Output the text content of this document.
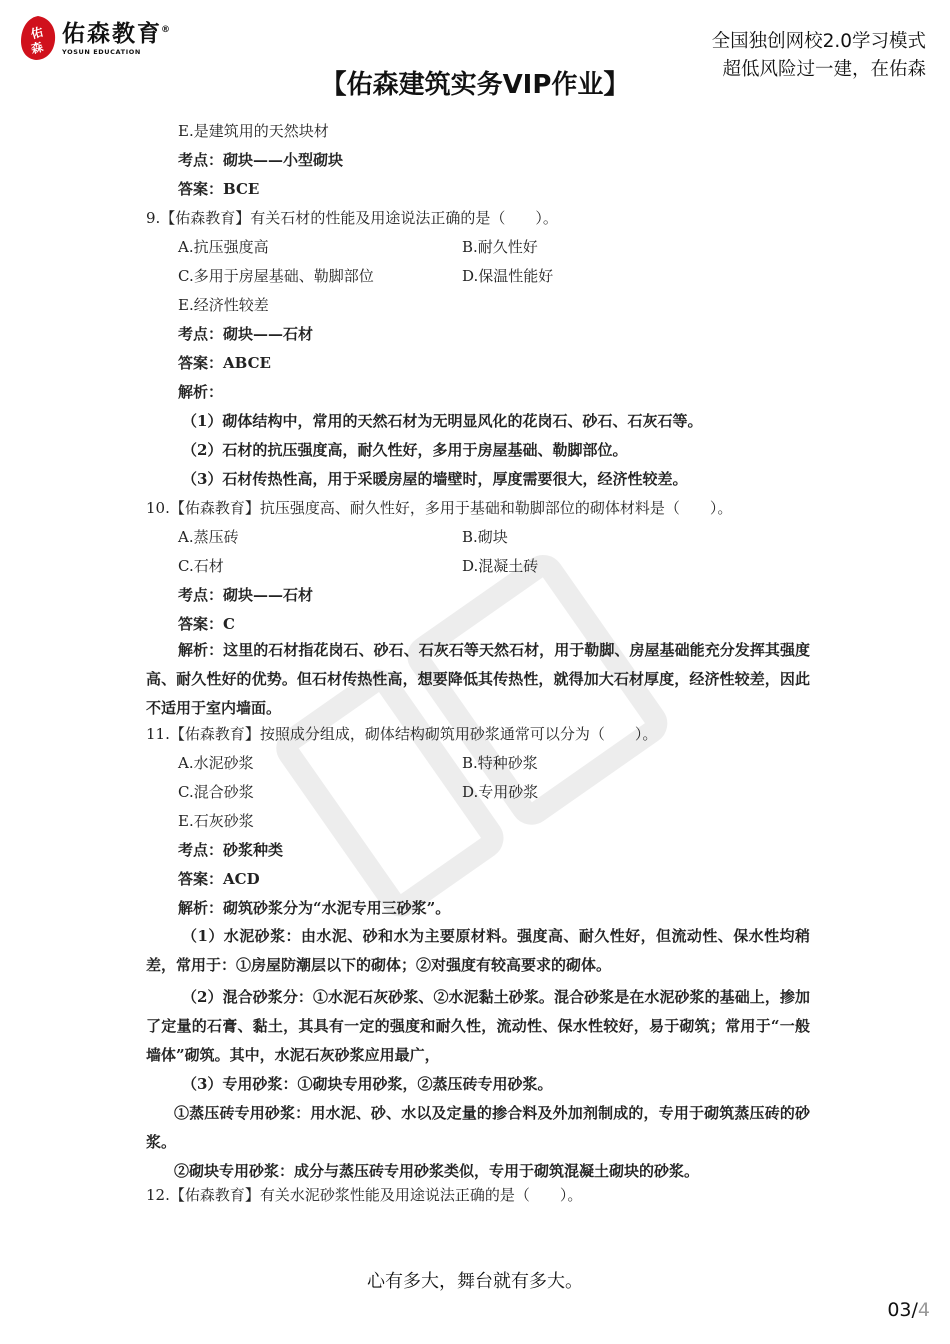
佑
森
佑森教育 ®
YOSUN EDUCATION	全国独创网校2.0学习模式
超低风险过一建，在佑森
【佑森建筑实务VIP作业】
E.是建筑用的天然块材
考点：砌块——小型砌块
答案：BCE
9.【佑森教育】有关石材的性能及用途说法正确的是（　　）。
A.抗压强度高	B.耐久性好
C.多用于房屋基础、勒脚部位	D.保温性能好
E.经济性较差
考点：砌块——石材
答案：ABCE
解析：
（1）砌体结构中，常用的天然石材为无明显风化的花岗石、砂石、石灰石等。
（2）石材的抗压强度高，耐久性好，多用于房屋基础、勒脚部位。
（3）石材传热性高，用于采暖房屋的墙壁时，厚度需要很大，经济性较差。
10.【佑森教育】抗压强度高、耐久性好，多用于基础和勒脚部位的砌体材料是（　　）。
A.蒸压砖	B.砌块
C.石材	D.混凝土砖
考点：砌块——石材
答案：C
解析：这里的石材指花岗石、砂石、石灰石等天然石材，用于勒脚、房屋基础能充分发挥其强度高、耐久性好的优势。但石材传热性高，想要降低其传热性，就得加大石材厚度，经济性较差，因此不适用于室内墙面。
11.【佑森教育】按照成分组成，砌体结构砌筑用砂浆通常可以分为（　　）。
A.水泥砂浆	B.特种砂浆
C.混合砂浆	D.专用砂浆
E.石灰砂浆
考点：砂浆种类
答案：ACD
解析：砌筑砂浆分为“水泥专用三砂浆”。
（1）水泥砂浆：由水泥、砂和水为主要原材料。强度高、耐久性好，但流动性、保水性均稍差，常用于：①房屋防潮层以下的砌体；②对强度有较高要求的砌体。
（2）混合砂浆分：①水泥石灰砂浆、②水泥黏土砂浆。混合砂浆是在水泥砂浆的基础上，掺加了定量的石膏、黏土，其具有一定的强度和耐久性，流动性、保水性较好，易于砌筑；常用于“一般墙体”砌筑。其中，水泥石灰砂浆应用最广，
（3）专用砂浆：①砌块专用砂浆，②蒸压砖专用砂浆。
①蒸压砖专用砂浆：用水泥、砂、水以及定量的掺合料及外加剂制成的，专用于砌筑蒸压砖的砂浆。
②砌块专用砂浆：成分与蒸压砖专用砂浆类似，专用于砌筑混凝土砌块的砂浆。
12.【佑森教育】有关水泥砂浆性能及用途说法正确的是（　　）。
心有多大，舞台就有多大。
03/4
